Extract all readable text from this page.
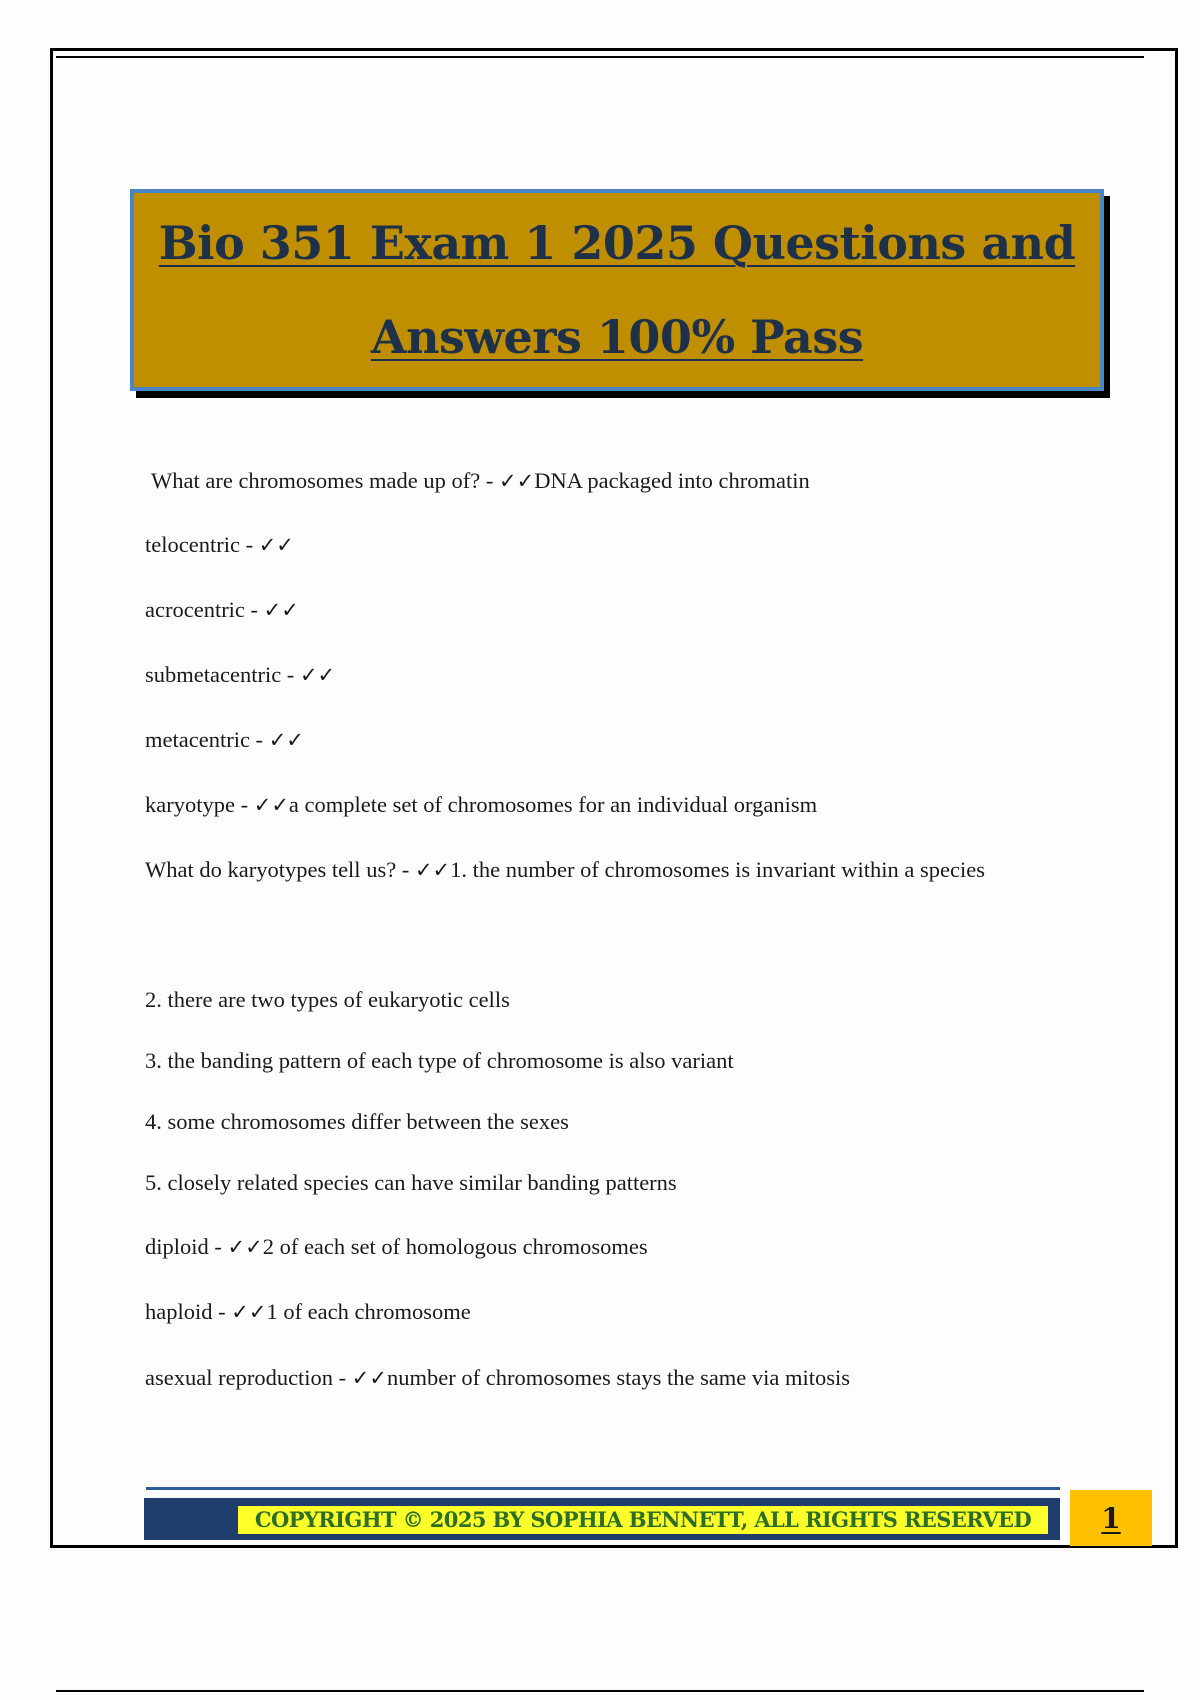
Bio 351 Exam 1 2025 Questions and
Answers 100% Pass
What are chromosomes made up of? - ✓✓DNA packaged into chromatin
telocentric - ✓✓
acrocentric - ✓✓
submetacentric - ✓✓
metacentric - ✓✓
karyotype - ✓✓a complete set of chromosomes for an individual organism
What do karyotypes tell us? - ✓✓1. the number of chromosomes is invariant within a species
2. there are two types of eukaryotic cells
3. the banding pattern of each type of chromosome is also variant
4. some chromosomes differ between the sexes
5. closely related species can have similar banding patterns
diploid - ✓✓2 of each set of homologous chromosomes
haploid - ✓✓1 of each chromosome
asexual reproduction - ✓✓number of chromosomes stays the same via mitosis
COPYRIGHT © 2025 BY SOPHIA BENNETT, ALL RIGHTS RESERVED	1
